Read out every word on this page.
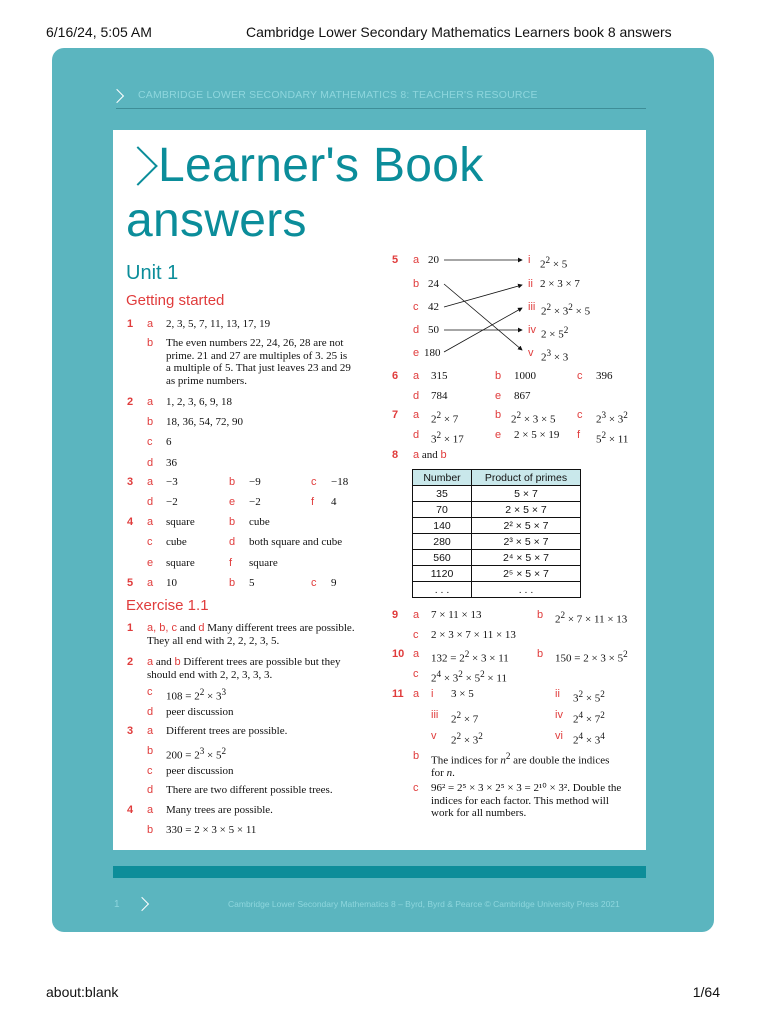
6/16/24, 5:05 AM	Cambridge Lower Secondary Mathematics Learners book 8 answers
CAMBRIDGE LOWER SECONDARY MATHEMATICS 8: TEACHER'S RESOURCE
Learner's Book
answers
Unit 1
Getting started
Exercise 1.1
1 a 2, 3, 5, 7, 11, 13, 17, 19
b The even numbers 22, 24, 26, 28 are not
prime. 21 and 27 are multiples of 3. 25 is
a multiple of 5. That just leaves 23 and 29
as prime numbers.
2 a 1, 2, 3, 6, 9, 18
b 18, 36, 54, 72, 90
c 6
d 36
3 a −3	b −9	c −18
d −2	e −2	f 4
4 a square	b cube
c cube	d both square and cube
e square	f square
5 a 10	b 5	c 9
1 a, b, c and d Many different trees are possible.
They all end with 2, 2, 2, 3, 5.
2 a and b Different trees are possible but they
should end with 2, 2, 3, 3, 3.
c $108 = 2^2 \times 3^3$
d peer discussion
3 a Different trees are possible.
b $200 = 2^3 \times 5^2$
c peer discussion
d There are two different possible trees.
4 a Many trees are possible.
b 330 = 2 × 3 × 5 × 11
5 a 20
b 24
c 42
d 50
e 180
i $2^2 \times 5$
ii 2 × 3 × 7
iii $2^2 \times 3^2 \times 5$
iv $2 \times 5^2$
v $2^3 \times 3$
6 a 315	b 1000	c 396
d 784	e 867
7 a $2^2 \times 7$	b $2^2 \times 3 \times 5$ c $2^3 \times 3^2$
d $3^2 \times 17$	e 2 × 5 × 19 f $5^2 \times 11$
8 a and b
Number	Product of primes
35	5 × 7
70	2 × 5 × 7
140	2² × 5 × 7
280	2³ × 5 × 7
560	2⁴ × 5 × 7
1120	2⁵ × 5 × 7
. . .	. . .
9 a 7 × 11 × 13	b $2^2 \times 7 \times 11 \times 13$
c 2 × 3 × 7 × 11 × 13
10 a $132 = 2^2 \times 3 \times 11$	b $150 = 2 \times 3 \times 5^2$
c $2^4 \times 3^2 \times 5^2 \times 11$
11 a i 3 × 5	ii $3^2 \times 5^2$
iii $2^2 \times 7$	iv $2^4 \times 7^2$
v $2^2 \times 3^2$	vi $2^4 \times 3^4$
b The indices for $n^2$ are double the indices
for n.
c 96² = 2⁵ × 3 × 2⁵ × 3 = 2¹⁰ × 3². Double the
indices for each factor. This method will
work for all numbers.
1	Cambridge Lower Secondary Mathematics 8 – Byrd, Byrd & Pearce © Cambridge University Press 2021
about:blank	1/64
